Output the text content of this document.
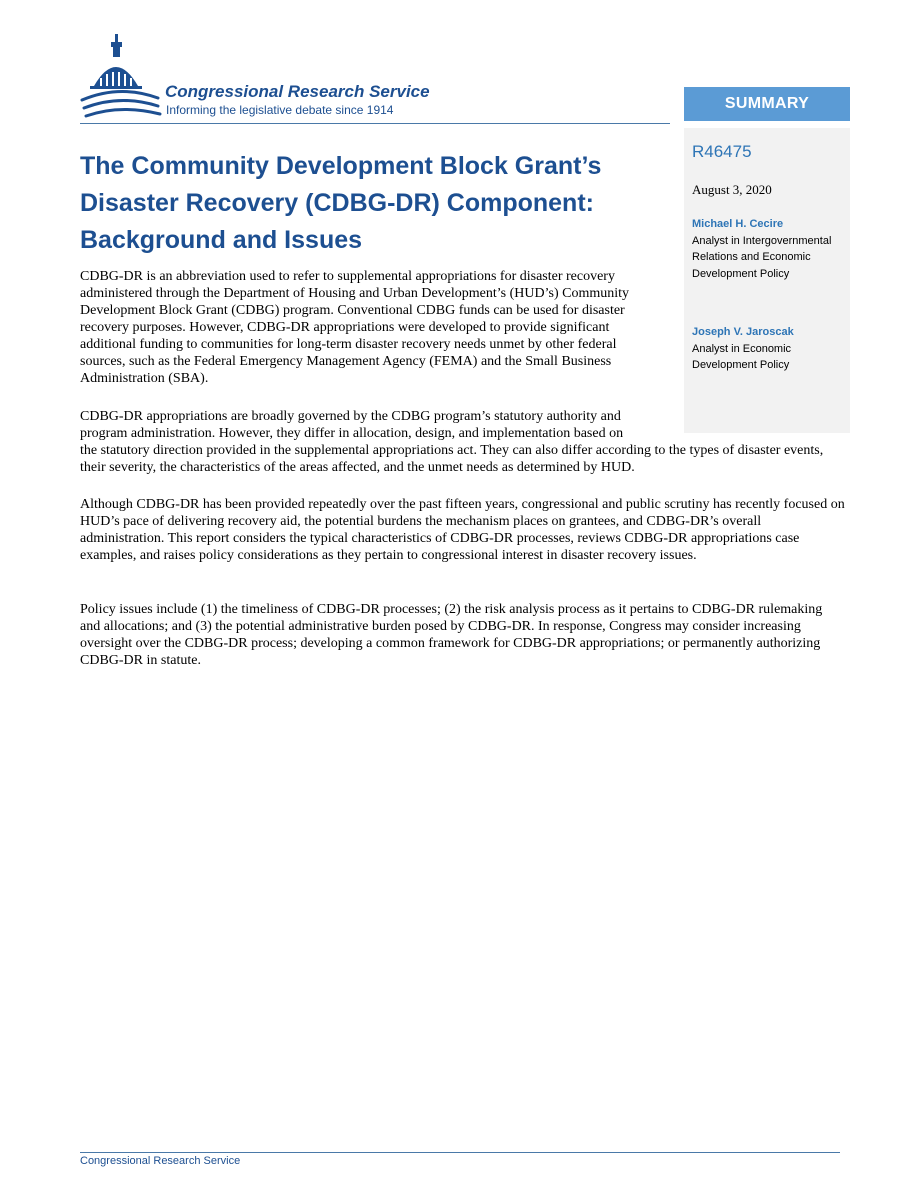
Congressional Research Service
Informing the legislative debate since 1914	SUMMARY
R46475
August 3, 2020
Michael H. Cecire
Analyst in Intergovernmental Relations and Economic Development Policy
Joseph V. Jaroscak
Analyst in Economic Development Policy
The Community Development Block Grant’s Disaster Recovery (CDBG-DR) Component: Background and Issues

CDBG-DR is an abbreviation used to refer to supplemental appropriations for disaster recovery administered through the Department of Housing and Urban Development’s (HUD’s) Community Development Block Grant (CDBG) program. Conventional CDBG funds can be used for disaster recovery purposes. However, CDBG-DR appropriations were developed to provide significant additional funding to communities for long-term disaster recovery needs unmet by other federal sources, such as the Federal Emergency Management Agency (FEMA) and the Small Business Administration (SBA).

CDBG-DR appropriations are broadly governed by the CDBG program’s statutory authority and program administration. However, they differ in allocation, design, and implementation based on

the statutory direction provided in the supplemental appropriations act. They can also differ according to the types of disaster events, their severity, the characteristics of the areas affected, and the unmet needs as determined by HUD.

Although CDBG-DR has been provided repeatedly over the past fifteen years, congressional and public scrutiny has recently focused on HUD’s pace of delivering recovery aid, the potential burdens the mechanism places on grantees, and CDBG-DR’s overall administration. This report considers the typical characteristics of CDBG-DR processes, reviews CDBG-DR appropriations case examples, and raises policy considerations as they pertain to congressional interest in disaster recovery issues.

Policy issues include (1) the timeliness of CDBG-DR processes; (2) the risk analysis process as it pertains to CDBG-DR rulemaking and allocations; and (3) the potential administrative burden posed by CDBG-DR. In response, Congress may consider increasing oversight over the CDBG-DR process; developing a common framework for CDBG-DR appropriations; or permanently authorizing CDBG-DR in statute.

Congressional Research Service
